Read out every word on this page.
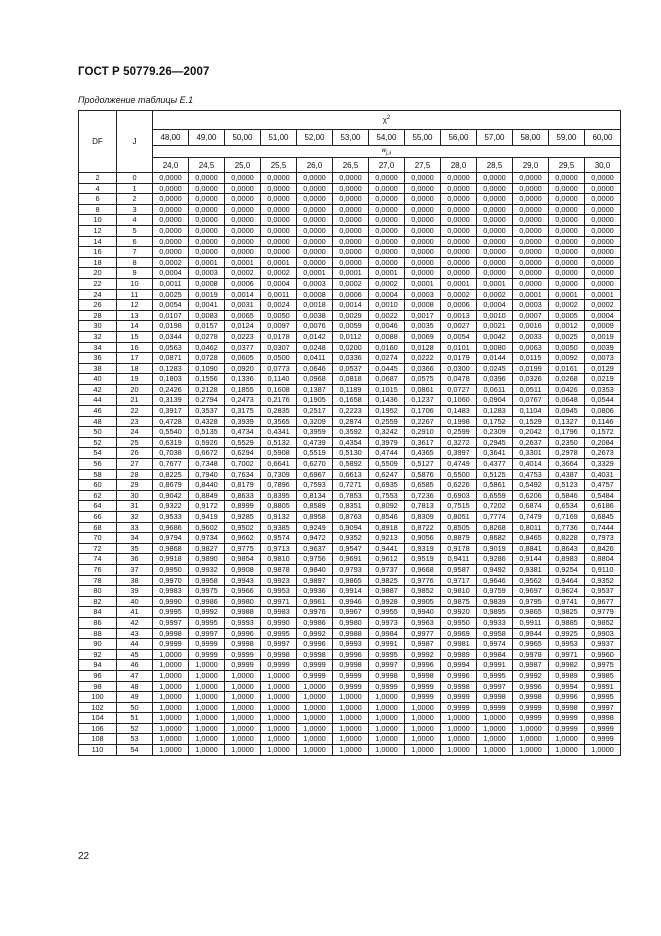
ГОСТ Р 50779.26—2007
Продолжение таблицы Е.1
DF	J	$\chi^2$
		48,00	49,00	50,00	51,00	52,00	53,00	54,00	55,00	56,00	57,00	58,00	59,00	60,00
		$w_{j,\lambda}$
		24,0	24,5	25,0	25,5	26,0	26,5	27,0	27,5	28,0	28,5	29,0	29,5	30,0
2	0	0,0000	0,0000	0,0000	0,0000	0,0000	0,0000	0,0000	0,0000	0,0000	0,0000	0,0000	0,0000	0,0000
4	1	0,0000	0,0000	0,0000	0,0000	0,0000	0,0000	0,0000	0,0000	0,0000	0,0000	0,0000	0,0000	0,0000
6	2	0,0000	0,0000	0,0000	0,0000	0,0000	0,0000	0,0000	0,0000	0,0000	0,0000	0,0000	0,0000	0,0000
8	3	0,0000	0,0000	0,0000	0,0000	0,0000	0,0000	0,0000	0,0000	0,0000	0,0000	0,0000	0,0000	0,0000
10	4	0,0000	0,0000	0,0000	0,0000	0,0000	0,0000	0,0000	0,0000	0,0000	0,0000	0,0000	0,0000	0,0000
12	5	0,0000	0,0000	0,0000	0,0000	0,0000	0,0000	0,0000	0,0000	0,0000	0,0000	0,0000	0,0000	0,0000
14	6	0,0000	0,0000	0,0000	0,0000	0,0000	0,0000	0,0000	0,0000	0,0000	0,0000	0,0000	0,0000	0,0000
16	7	0,0000	0,0000	0,0000	0,0000	0,0000	0,0000	0,0000	0,0000	0,0000	0,0000	0,0000	0,0000	0,0000
18	8	0,0002	0,0001	0,0001	0,0001	0,0000	0,0000	0,0000	0,0000	0,0000	0,0000	0,0000	0,0000	0,0000
20	9	0,0004	0,0003	0,0002	0,0002	0,0001	0,0001	0,0001	0,0000	0,0000	0,0000	0,0000	0,0000	0,0000
22	10	0,0011	0,0008	0,0006	0,0004	0,0003	0,0002	0,0002	0,0001	0,0001	0,0001	0,0000	0,0000	0,0000
24	11	0,0025	0,0019	0,0014	0,0011	0,0008	0,0006	0,0004	0,0003	0,0002	0,0002	0,0001	0,0001	0,0001
26	12	0,0054	0,0041	0,0031	0,0024	0,0018	0,0014	0,0010	0,0008	0,0006	0,0004	0,0003	0,0002	0,0002
28	13	0,0107	0,0083	0,0065	0,0050	0,0038	0,0029	0,0022	0,0017	0,0013	0,0010	0,0007	0,0005	0,0004
30	14	0,0198	0,0157	0,0124	0,0097	0,0076	0,0059	0,0046	0,0035	0,0027	0,0021	0,0016	0,0012	0,0009
32	15	0,0344	0,0278	0,0223	0,0178	0,0142	0,0112	0,0088	0,0069	0,0054	0,0042	0,0033	0,0025	0,0019
34	16	0,0563	0,0462	0,0377	0,0307	0,0248	0,0200	0,0160	0,0128	0,0101	0,0080	0,0063	0,0050	0,0039
36	17	0,0871	0,0728	0,0605	0,0500	0,0411	0,0336	0,0274	0,0222	0,0179	0,0144	0,0115	0,0092	0,0073
38	18	0,1283	0,1090	0,0920	0,0773	0,0646	0,0537	0,0445	0,0366	0,0300	0,0245	0,0199	0,0161	0,0129
40	19	0,1803	0,1556	0,1336	0,1140	0,0968	0,0818	0,0687	0,0575	0,0478	0,0396	0,0326	0,0268	0,0219
42	20	0,2426	0,2128	0,1855	0,1608	0,1387	0,1189	0,1015	0,0861	0,0727	0,0611	0,0511	0,0426	0,0353
44	21	0,3139	0,2794	0,2473	0,2176	0,1905	0,1658	0,1436	0,1237	0,1060	0,0904	0,0767	0,0648	0,0544
46	22	0,3917	0,3537	0,3175	0,2835	0,2517	0,2223	0,1952	0,1706	0,1483	0,1283	0,1104	0,0945	0,0806
48	23	0,4728	0,4328	0,3939	0,3565	0,3209	0,2874	0,2559	0,2267	0,1998	0,1752	0,1529	0,1327	0,1146
50	24	0,5540	0,5135	0,4734	0,4341	0,3959	0,3592	0,3242	0,2910	0,2599	0,2309	0,2042	0,1796	0,1572
52	25	0,6319	0,5926	0,5529	0,5132	0,4739	0,4354	0,3979	0,3617	0,3272	0,2945	0,2637	0,2350	0,2084
54	26	0,7038	0,6672	0,6294	0,5908	0,5519	0,5130	0,4744	0,4365	0,3997	0,3641	0,3301	0,2978	0,2673
56	27	0,7677	0,7348	0,7002	0,6641	0,6270	0,5892	0,5509	0,5127	0,4749	0,4377	0,4014	0,3664	0,3329
58	28	0,8225	0,7940	0,7634	0,7309	0,6967	0,6613	0,6247	0,5876	0,5500	0,5125	0,4753	0,4387	0,4031
60	29	0,8679	0,8440	0,8179	0,7896	0,7593	0,7271	0,6935	0,6585	0,6226	0,5861	0,5492	0,5123	0,4757
62	30	0,9042	0,8849	0,8633	0,8395	0,8134	0,7853	0,7553	0,7236	0,6903	0,6559	0,6206	0,5846	0,5484
64	31	0,9322	0,9172	0,8999	0,8805	0,8589	0,8351	0,8092	0,7813	0,7515	0,7202	0,6874	0,6534	0,6186
66	32	0,9533	0,9419	0,9285	0,9132	0,8958	0,8763	0,8546	0,8309	0,8051	0,7774	0,7479	0,7169	0,6845
68	33	0,9686	0,9602	0,9502	0,9385	0,9249	0,9094	0,8918	0,8722	0,8505	0,8268	0,8011	0,7736	0,7444
70	34	0,9794	0,9734	0,9662	0,9574	0,9472	0,9352	0,9213	0,9056	0,8879	0,8682	0,8465	0,8228	0,7973
72	35	0,9868	0,9827	0,9775	0,9713	0,9637	0,9547	0,9441	0,9319	0,9178	0,9019	0,8841	0,8643	0,8426
74	36	0,9918	0,9890	0,9854	0,9810	0,9756	0,9691	0,9612	0,9519	0,9411	0,9286	0,9144	0,8983	0,8804
76	37	0,9950	0,9932	0,9908	0,9878	0,9840	0,9793	0,9737	0,9668	0,9587	0,9492	0,9381	0,9254	0,9110
78	38	0,9970	0,9958	0,9943	0,9923	0,9897	0,9865	0,9825	0,9776	0,9717	0,9646	0,9562	0,9464	0,9352
80	39	0,9983	0,9975	0,9966	0,9953	0,9936	0,9914	0,9887	0,9852	0,9810	0,9759	0,9697	0,9624	0,9537
82	40	0,9990	0,9986	0,9980	0,9971	0,9961	0,9946	0,9928	0,9905	0,9875	0,9839	0,9795	0,9741	0,9677
84	41	0,9995	0,9992	0,9988	0,9983	0,9976	0,9967	0,9955	0,9940	0,9920	0,9895	0,9865	0,9825	0,9779
86	42	0,9997	0,9995	0,9993	0,9990	0,9986	0,9980	0,9973	0,9963	0,9950	0,9933	0,9911	0,9885	0,9852
88	43	0,9998	0,9997	0,9996	0,9995	0,9992	0,9988	0,9984	0,9977	0,9969	0,9958	0,9944	0,9925	0,9903
90	44	0,9999	0,9999	0,9998	0,9997	0,9996	0,9993	0,9991	0,9987	0,9981	0,9974	0,9965	0,9953	0,9937
92	45	1,0000	0,9999	0,9999	0,9998	0,9998	0,9996	0,9995	0,9992	0,9989	0,9984	0,9978	0,9971	0,9960
94	46	1,0000	1,0000	0,9999	0,9999	0,9999	0,9998	0,9997	0,9996	0,9994	0,9991	0,9987	0,9982	0,9975
96	47	1,0000	1,0000	1,0000	1,0000	0,9999	0,9999	0,9998	0,9998	0,9996	0,9995	0,9992	0,9989	0,9985
98	48	1,0000	1,0000	1,0000	1,0000	1,0000	0,9999	0,9999	0,9999	0,9998	0,9997	0,9996	0,9994	0,9991
100	49	1,0000	1,0000	1,0000	1,0000	1,0000	1,0000	1,0000	0,9999	0,9999	0,9998	0,9998	0,9996	0,9995
102	50	1,0000	1,0000	1,0000	1,0000	1,0000	1,0000	1,0000	1,0000	0,9999	0,9999	0,9999	0,9998	0,9997
104	51	1,0000	1,0000	1,0000	1,0000	1,0000	1,0000	1,0000	1,0000	1,0000	1,0000	0,9999	0,9999	0,9998
106	52	1,0000	1,0000	1,0000	1,0000	1,0000	1,0000	1,0000	1,0000	1,0000	1,0000	1,0000	0,9999	0,9999
108	53	1,0000	1,0000	1,0000	1,0000	1,0000	1,0000	1,0000	1,0000	1,0000	1,0000	1,0000	1,0000	0,9999
110	54	1,0000	1,0000	1,0000	1,0000	1,0000	1,0000	1,0000	1,0000	1,0000	1,0000	1,0000	1,0000	1,0000
22
